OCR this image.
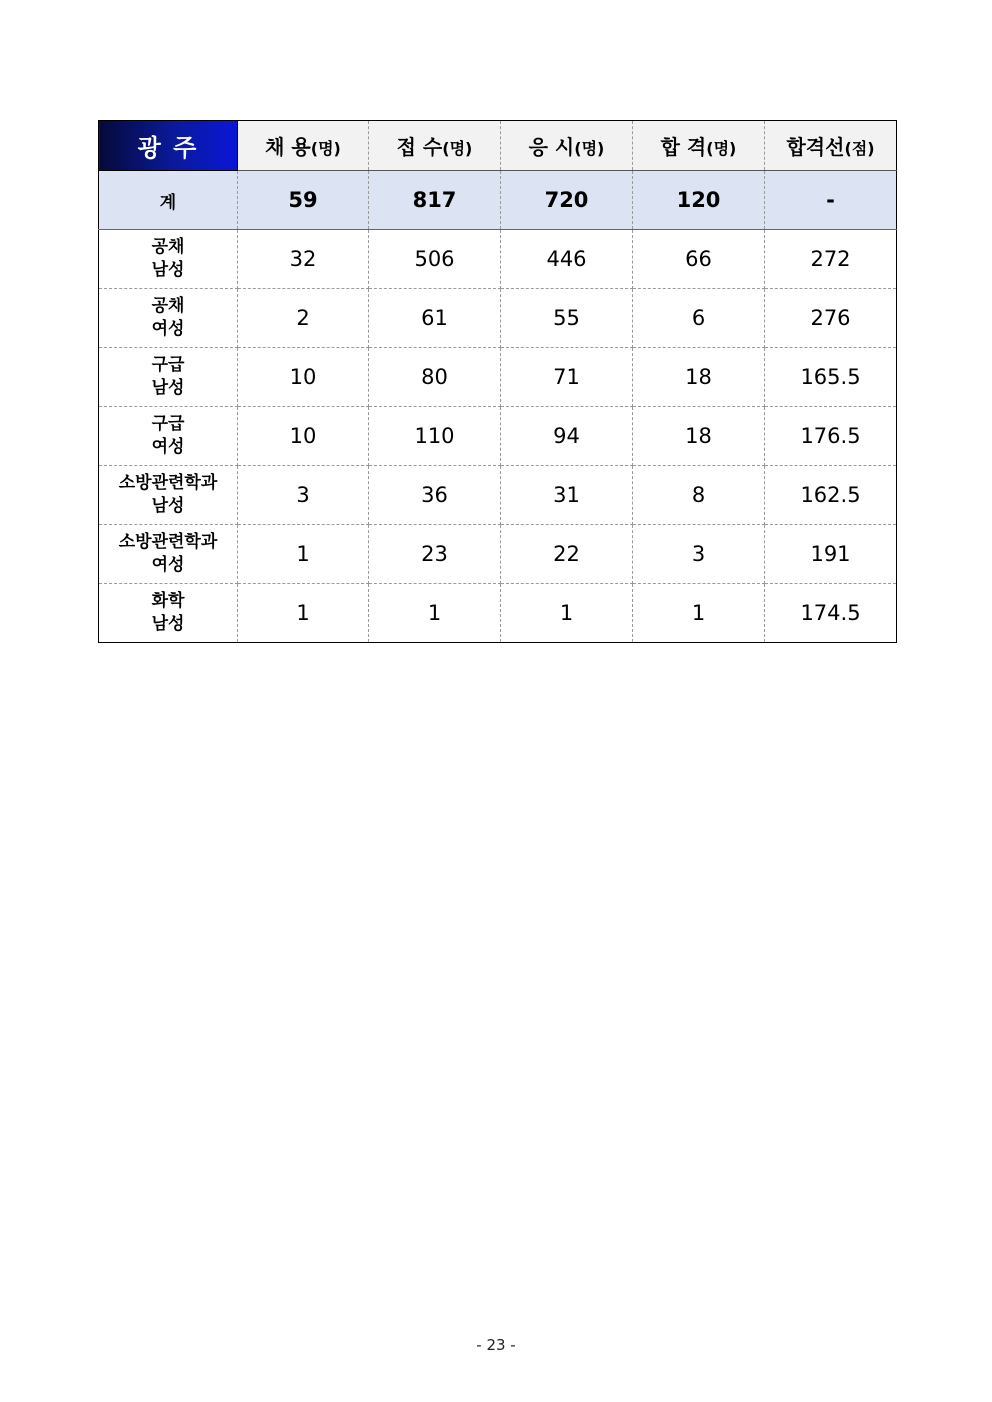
광 주	채 용(명)	접 수(명)	응 시(명)	합 격(명)	합격선(점)
계	59	817	720	120	-

공채
남성	32	506	446	66	272

공채
여성	2	61	55	6	276

구급
남성	10	80	71	18	165.5

구급
여성	10	110	94	18	176.5

소방관련학과
남성	3	36	31	8	162.5

소방관련학과
여성	1	23	22	3	191

화학
남성	1	1	1	1	174.5
- 23 -
